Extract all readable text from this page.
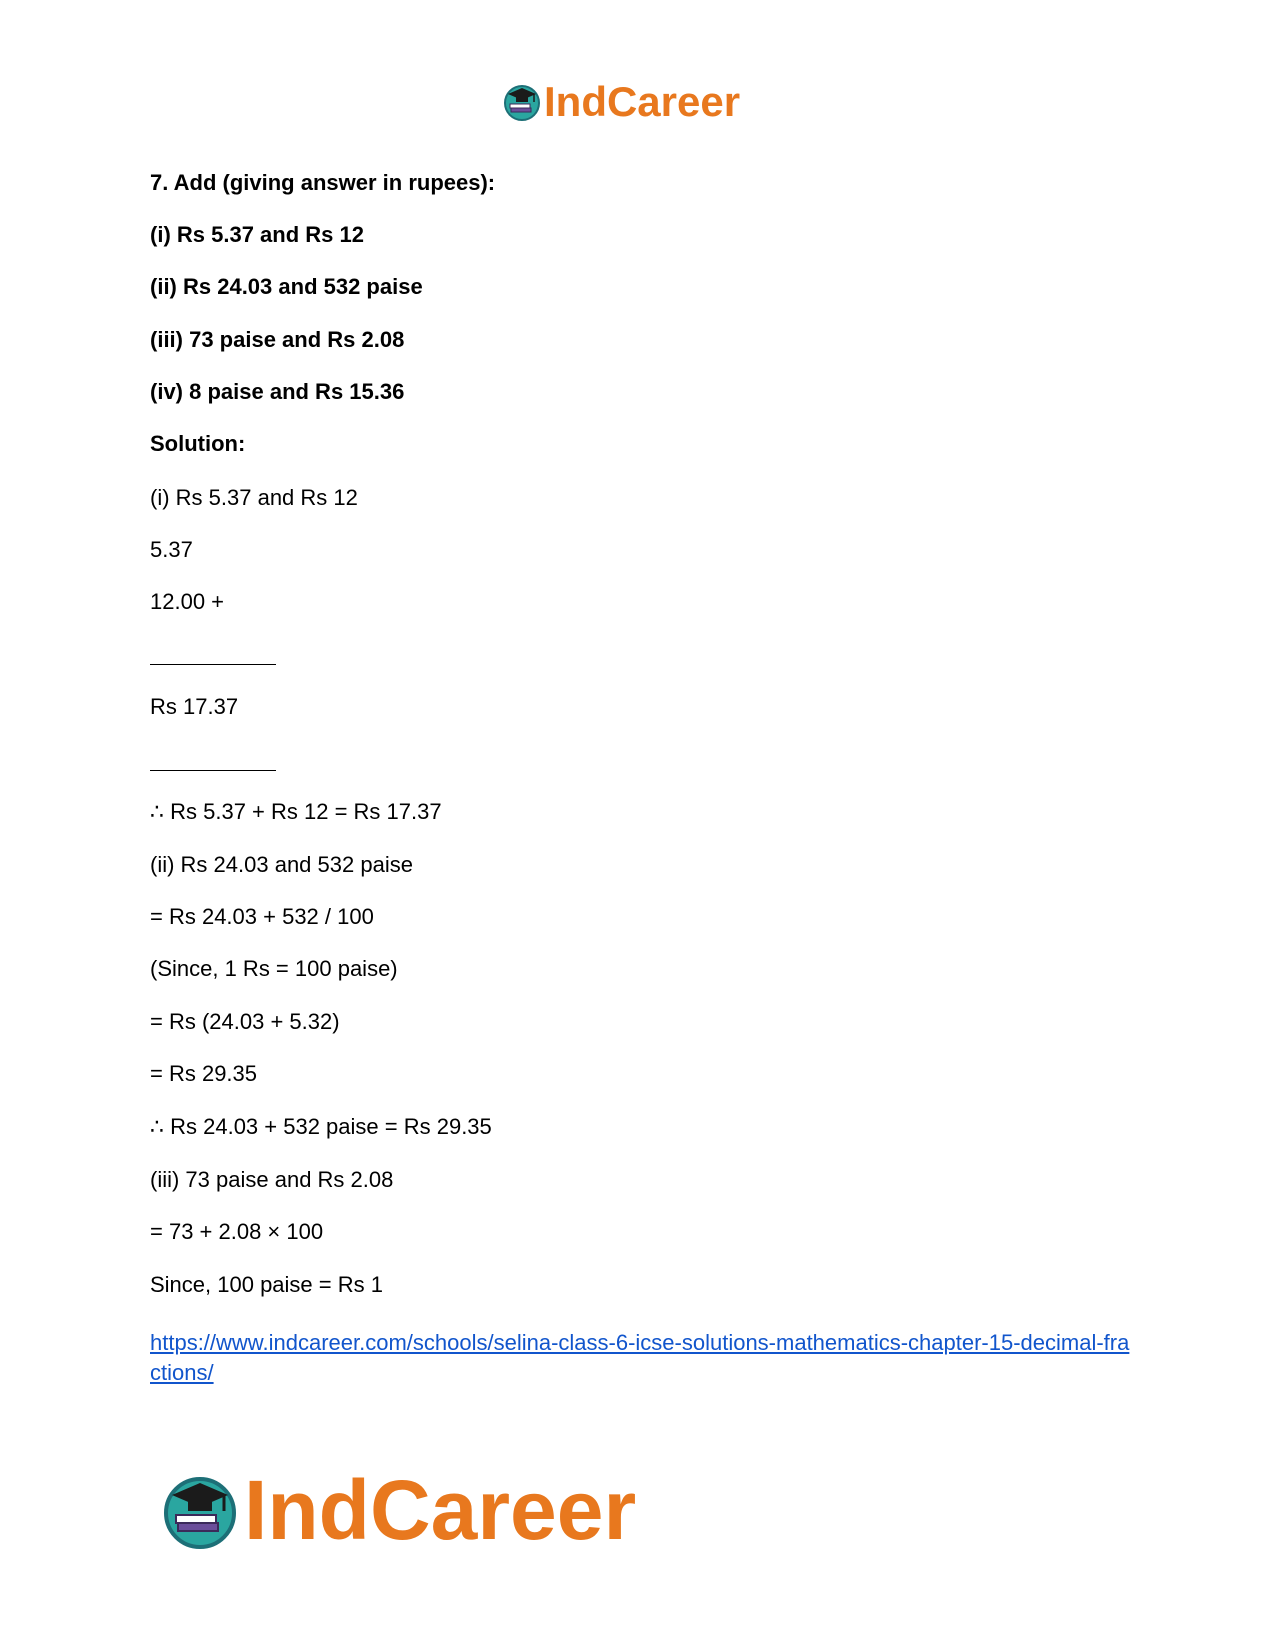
IndCareer
7. Add (giving answer in rupees):
(i) Rs 5.37 and Rs 12
(ii) Rs 24.03 and 532 paise
(iii) 73 paise and Rs 2.08
(iv) 8 paise and Rs 15.36
Solution:
(i) Rs 5.37 and Rs 12
5.37
12.00 +
Rs 17.37
∴ Rs 5.37 + Rs 12 = Rs 17.37
(ii) Rs 24.03 and 532 paise
= Rs 24.03 + 532 / 100
(Since, 1 Rs = 100 paise)
= Rs (24.03 + 5.32)
= Rs 29.35
∴ Rs 24.03 + 532 paise = Rs 29.35
(iii) 73 paise and Rs 2.08
= 73 + 2.08 × 100
Since, 100 paise = Rs 1
https://www.indcareer.com/schools/selina-class-6-icse-solutions-mathematics-chapter-15-decimal-fractions/
IndCareer
